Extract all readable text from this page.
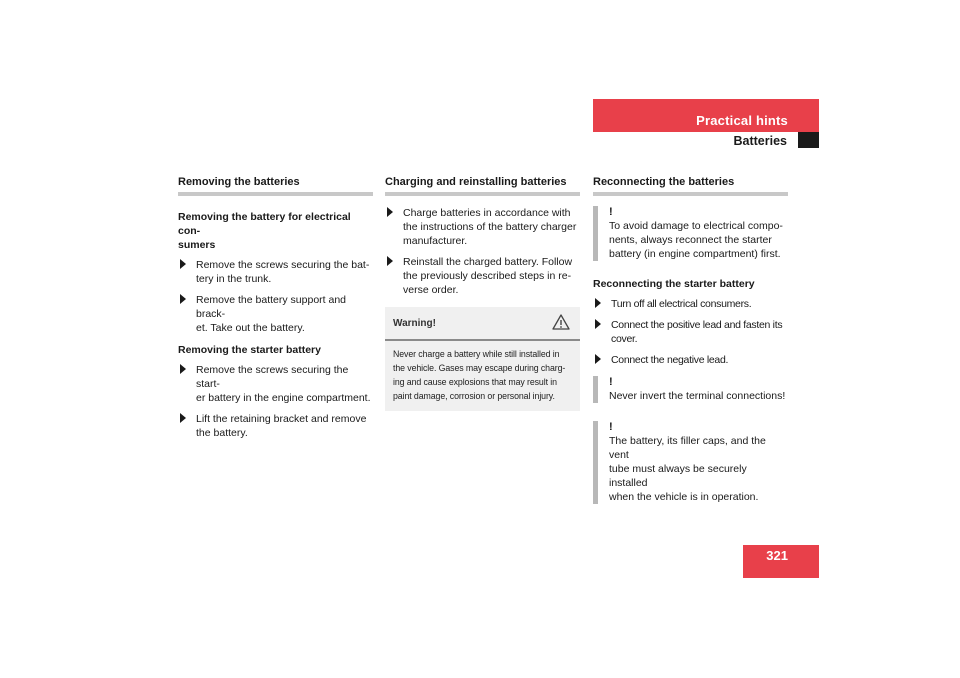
Practical hints
Batteries
Removing the batteries
Removing the battery for electrical con-
sumers
Remove the screws securing the bat-
tery in the trunk.
Remove the battery support and brack-
et. Take out the battery.
Removing the starter battery
Remove the screws securing the start-
er battery in the engine compartment.
Lift the retaining bracket and remove
the battery.
Charging and reinstalling batteries
Charge batteries in accordance with
the instructions of the battery charger
manufacturer.
Reinstall the charged battery. Follow
the previously described steps in re-
verse order.
Warning!
Never charge a battery while still installed in
the vehicle. Gases may escape during charg-
ing and cause explosions that may result in
paint damage, corrosion or personal injury.
Reconnecting the batteries
!
To avoid damage to electrical compo-
nents, always reconnect the starter
battery (in engine compartment) first.
Reconnecting the starter battery
Turn off all electrical consumers.
Connect the positive lead and fasten its
cover.
Connect the negative lead.
!
Never invert the terminal connections!
!
The battery, its filler caps, and the vent
tube must always be securely installed
when the vehicle is in operation.
321
